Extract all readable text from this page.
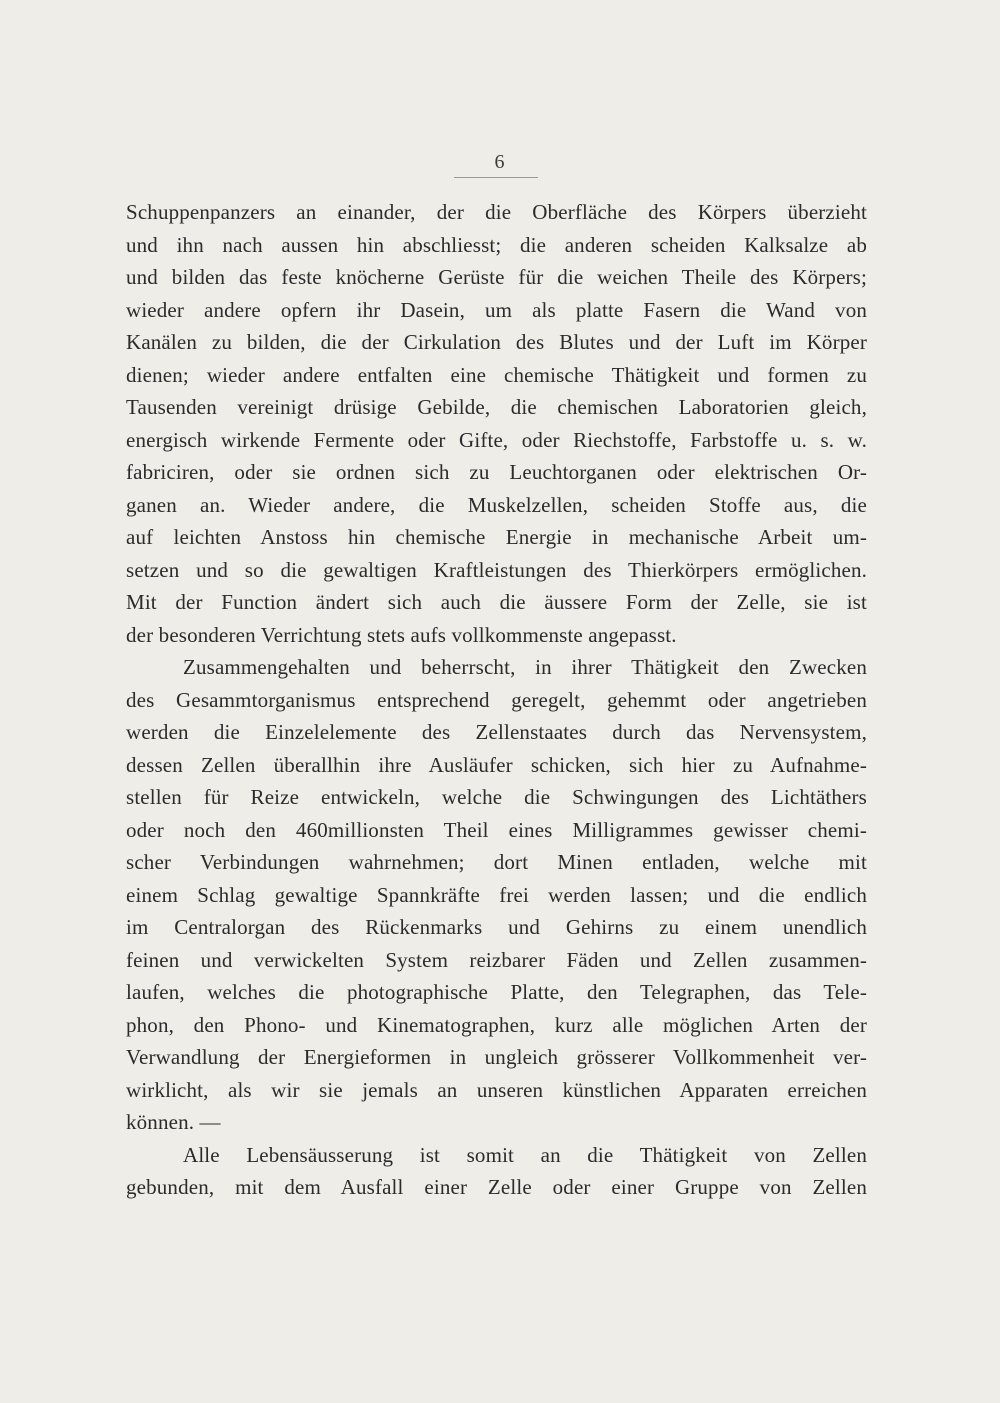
6
Schuppenpanzers an einander, der die Oberfläche des Körpers überzieht
und ihn nach aussen hin abschliesst; die anderen scheiden Kalksalze ab
und bilden das feste knöcherne Gerüste für die weichen Theile des Körpers;
wieder andere opfern ihr Dasein, um als platte Fasern die Wand von
Kanälen zu bilden, die der Cirkulation des Blutes und der Luft im Körper
dienen; wieder andere entfalten eine chemische Thätigkeit und formen zu
Tausenden vereinigt drüsige Gebilde, die chemischen Laboratorien gleich,
energisch wirkende Fermente oder Gifte, oder Riechstoffe, Farbstoffe u. s. w.
fabriciren, oder sie ordnen sich zu Leuchtorganen oder elektrischen Or-
ganen an. Wieder andere, die Muskelzellen, scheiden Stoffe aus, die
auf leichten Anstoss hin chemische Energie in mechanische Arbeit um-
setzen und so die gewaltigen Kraftleistungen des Thierkörpers ermöglichen.
Mit der Function ändert sich auch die äussere Form der Zelle, sie ist
der besonderen Verrichtung stets aufs vollkommenste angepasst.
Zusammengehalten und beherrscht, in ihrer Thätigkeit den Zwecken
des Gesammtorganismus entsprechend geregelt, gehemmt oder angetrieben
werden die Einzelelemente des Zellenstaates durch das Nervensystem,
dessen Zellen überallhin ihre Ausläufer schicken, sich hier zu Aufnahme-
stellen für Reize entwickeln, welche die Schwingungen des Lichtäthers
oder noch den 460millionsten Theil eines Milligrammes gewisser chemi-
scher Verbindungen wahrnehmen; dort Minen entladen, welche mit
einem Schlag gewaltige Spannkräfte frei werden lassen; und die endlich
im Centralorgan des Rückenmarks und Gehirns zu einem unendlich
feinen und verwickelten System reizbarer Fäden und Zellen zusammen-
laufen, welches die photographische Platte, den Telegraphen, das Tele-
phon, den Phono- und Kinematographen, kurz alle möglichen Arten der
Verwandlung der Energieformen in ungleich grösserer Vollkommenheit ver-
wirklicht, als wir sie jemals an unseren künstlichen Apparaten erreichen
können. —
Alle Lebensäusserung ist somit an die Thätigkeit von Zellen
gebunden, mit dem Ausfall einer Zelle oder einer Gruppe von Zellen
